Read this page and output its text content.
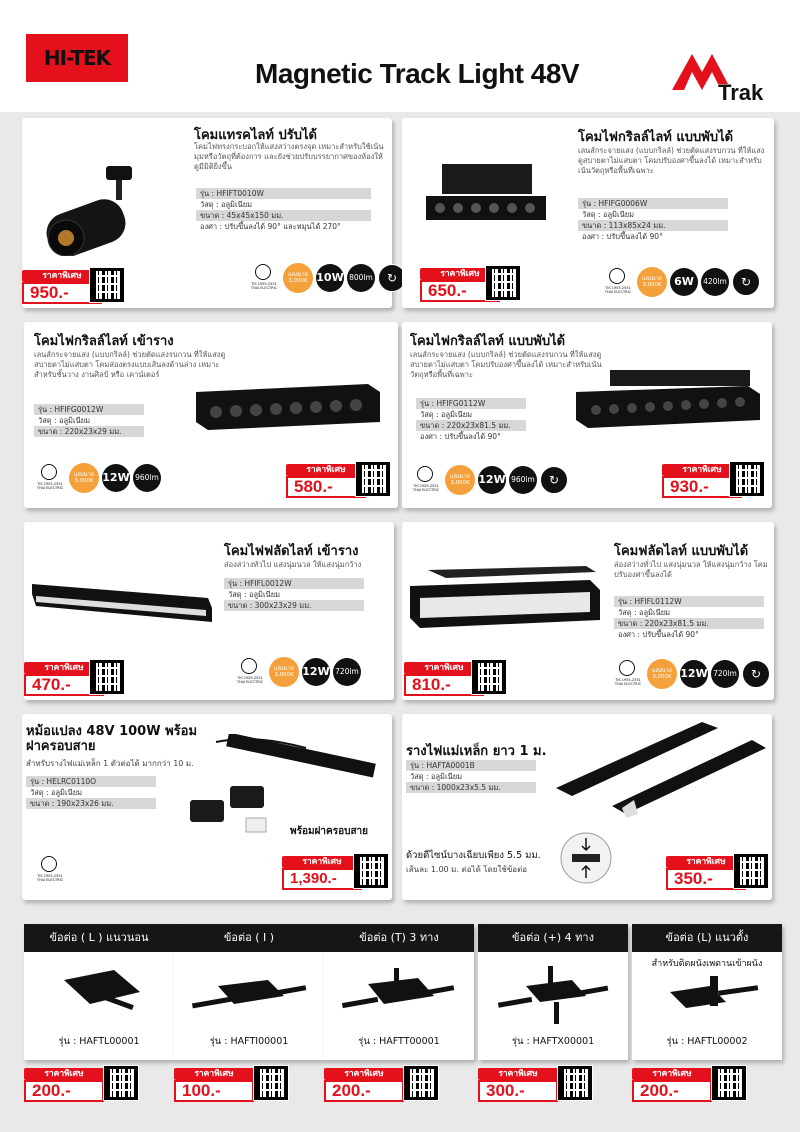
HI-TEK	Magnetic Track Light 48V
Trak
โคมแทรคไลท์ ปรับได้
โคมไฟทรงกระบอกให้แสงสว่างตรงจุด เหมาะสำหรับใช้เน้นมุมหรือวัตถุที่ต้องการ และยังช่วยปรับบรรยากาศของห้องให้ดูมีมิติยิ่งขึ้น
รุ่น : HFIFT0010W
วัสดุ : อลูมิเนียม
ขนาด : 45x45x150 มม.
องศา : ปรับขึ้นลงได้ 90° และหมุนได้ 270°
TIS 1955-2551 THAI ELECTRIC
แสงนวล 3,000K 10W 800lm	↻
ราคาพิเศษ
950.-
โคมไฟกริลล์ไลท์ แบบพับได้
เลนส์กระจายแสง (แบบกริลล์) ช่วยตัดแสงรบกวน ที่ให้แสงดูสบายตาไม่แสบตา โคมปรับองศาขึ้นลงได้ เหมาะสำหรับเน้นวัตถุหรือพื้นที่เฉพาะ
รุ่น : HFIFG0006W
วัสดุ : อลูมิเนียม
ขนาด : 113x85x24 มม.
องศา : ปรับขึ้นลงได้ 90°
TIS 1955-2551 THAI ELECTRIC
แสงนวล 3,000K	6W	420lm	↻
ราคาพิเศษ
650.-
โคมไฟกริลล์ไลท์ เข้าราง
เลนส์กระจายแสง (แบบกริลล์) ช่วยตัดแสงรบกวน ที่ให้แสงดูสบายตาไม่แสบตา โคมส่องตรงแบบเส้นลงด้านล่าง เหมาะสำหรับชั้นวาง งานศิลป์ หรือ เคาน์เตอร์
รุ่น : HFIFG0012W
วัสดุ : อลูมิเนียม
ขนาด : 220x23x29 มม.
TIS 1955-2551 THAI ELECTRIC
แสงนวล 3,000K 12W 960lm
ราคาพิเศษ
580.-
โคมไฟกริลล์ไลท์ แบบพับได้
เลนส์กระจายแสง (แบบกริลล์) ช่วยตัดแสงรบกวน ที่ให้แสงดูสบายตาไม่แสบตา โคมปรับองศาขึ้นลงได้ เหมาะสำหรับเน้นวัตถุหรือพื้นที่เฉพาะ
รุ่น : HFIFG0112W
วัสดุ : อลูมิเนียม
ขนาด : 220x23x81.5 มม.
องศา : ปรับขึ้นลงได้ 90°
TIS 1955-2551 THAI ELECTRIC
แสงนวล 3,000K 12W 960lm	↻
ราคาพิเศษ
930.-
โคมไฟฟลัดไลท์ เข้าราง
ส่องสว่างทั่วไป แสงนุ่มนวล ให้แสงนุ่มกว้าง
รุ่น : HFIFL0012W
วัสดุ : อลูมิเนียม
ขนาด : 300x23x29 มม.
TIS 1955-2551 THAI ELECTRIC
แสงนวล 3,000K 12W 720lm
ราคาพิเศษ
470.-
โคมฟลัดไลท์ แบบพับได้
ส่องสว่างทั่วไป แสงนุ่มนวล ให้แสงนุ่มกว้าง โคมปรับองศาขึ้นลงได้
รุ่น : HFIFL0112W
วัสดุ : อลูมิเนียม
ขนาด : 220x23x81.5 มม.
องศา : ปรับขึ้นลงได้ 90°
TIS 1955-2551 THAI ELECTRIC
แสงนวล 3,000K 12W 720lm	↻
ราคาพิเศษ
810.-
หม้อแปลง 48V 100W พร้อมฝาครอบสาย
สำหรับรางไฟแม่เหล็ก 1 ตัวต่อได้ มากกว่า 10 ม.
รุ่น : HELRC0110O
วัสดุ : อลูมิเนียม
ขนาด : 190x23x26 มม.
พร้อมฝาครอบสาย
TIS 1955-2551 THAI ELECTRIC
ราคาพิเศษ
1,390.-
รางไฟแม่เหล็ก ยาว 1 ม.
รุ่น : HAFTA0001B
วัสดุ : อลูมิเนียม
ขนาด : 1000x23x5.5 มม.
ด้วยดีไซน์บางเฉียบเพียง 5.5 มม.
เส้นละ 1.00 ม. ต่อได้ โดยใช้ข้อต่อ
ราคาพิเศษ
350.-
ข้อต่อ ( L ) แนวนอน
รุ่น : HAFTL00001
ราคาพิเศษ
200.-
ข้อต่อ ( I )
รุ่น : HAFTI00001
ราคาพิเศษ
100.-
ข้อต่อ (T) 3 ทาง
รุ่น : HAFTT00001
ราคาพิเศษ
200.-
ข้อต่อ (+) 4 ทาง
รุ่น : HAFTX00001
ราคาพิเศษ
300.-
ข้อต่อ (L) แนวตั้ง
สำหรับติดผนังเพดานเข้าผนัง
รุ่น : HAFTL00002
ราคาพิเศษ
200.-
